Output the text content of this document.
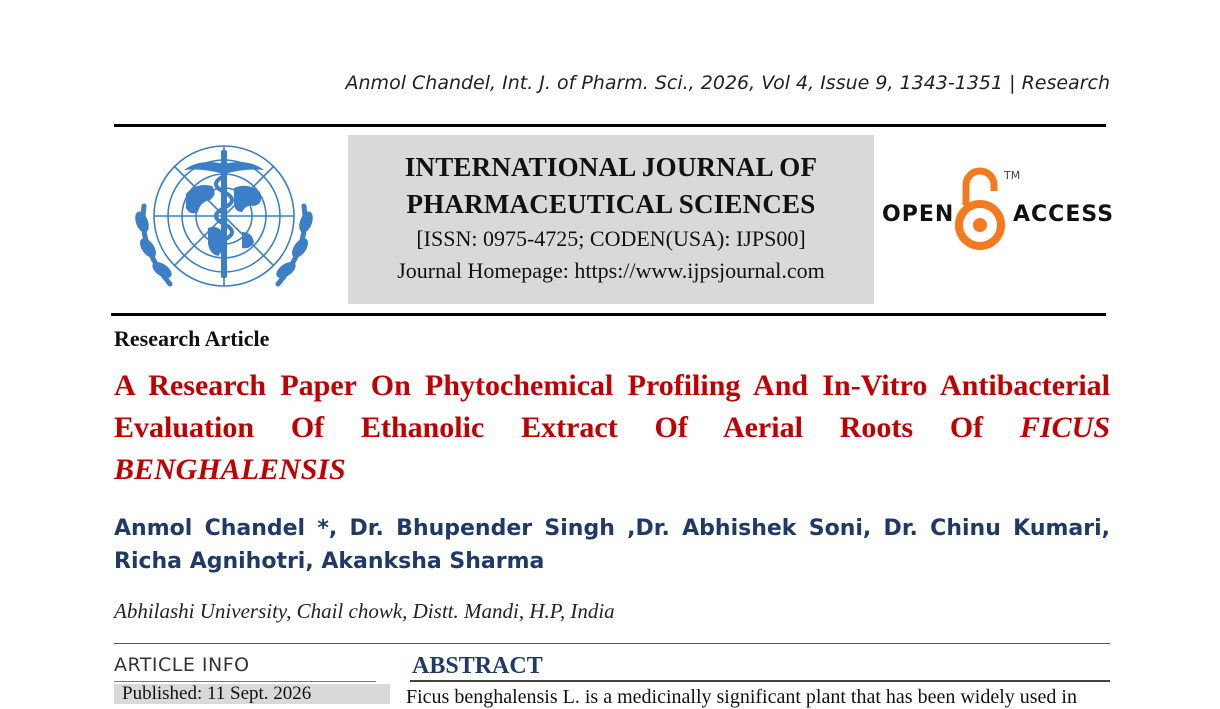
Anmol Chandel, Int. J. of Pharm. Sci., 2026, Vol 4, Issue 9, 1343-1351 | Research
INTERNATIONAL JOURNAL OF
PHARMACEUTICAL SCIENCES
[ISSN: 0975-4725; CODEN(USA): IJPS00]
Journal Homepage: https://www.ijpsjournal.com
OPEN
TM
ACCESS
Research Article
A Research Paper On Phytochemical Profiling And In-Vitro Antibacterial Evaluation Of Ethanolic Extract Of Aerial Roots Of FICUS BENGHALENSIS
Anmol Chandel *, Dr. Bhupender Singh ,Dr. Abhishek Soni, Dr. Chinu Kumari, Richa Agnihotri, Akanksha Sharma
Abhilashi University, Chail chowk, Distt. Mandi, H.P, India
ARTICLE INFO
Published: 11 Sept. 2026
ABSTRACT
Ficus benghalensis L. is a medicinally significant plant that has been widely used in
